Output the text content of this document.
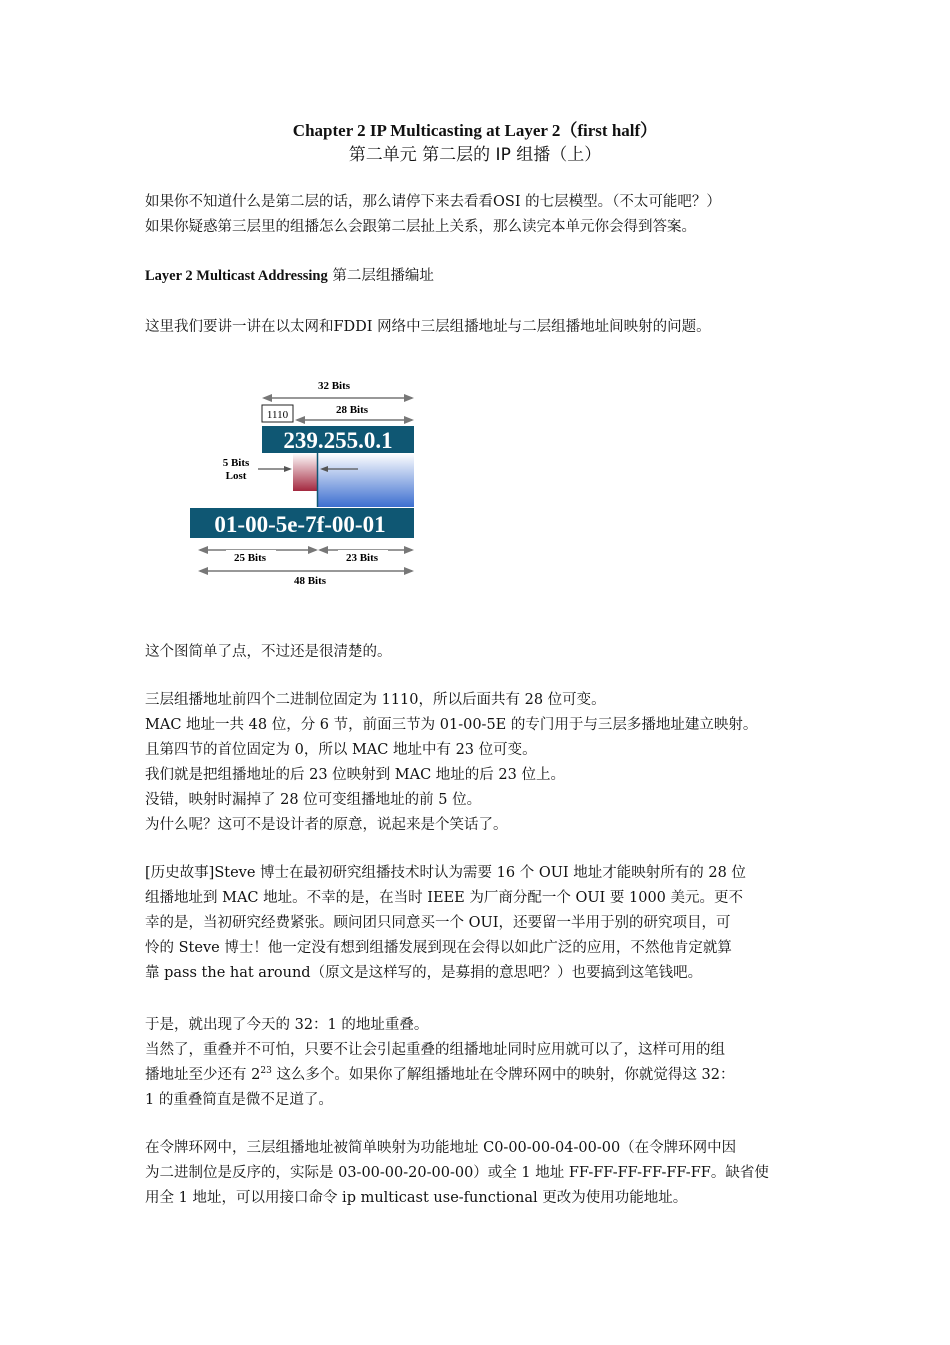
Chapter 2 IP Multicasting at Layer 2（first half）
第二单元 第二层的 IP 组播（上）

如果你不知道什么是第二层的话，那么请停下来去看看OSI 的七层模型。（不太可能吧？）
如果你疑惑第三层里的组播怎么会跟第二层扯上关系，那么读完本单元你会得到答案。

Layer 2 Multicast Addressing 第二层组播编址

这里我们要讲一讲在以太网和FDDI 网络中三层组播地址与二层组播地址间映射的问题。

32 Bits
1110	28 Bits
239.255.0.1
5 Bits
Lost
01-00-5e-7f-00-01
25 Bits	23 Bits
48 Bits

这个图简单了点，不过还是很清楚的。

三层组播地址前四个二进制位固定为 1110，所以后面共有 28 位可变。
MAC 地址一共 48 位，分 6 节，前面三节为 01-00-5E 的专门用于与三层多播地址建立映射。
且第四节的首位固定为 0，所以 MAC 地址中有 23 位可变。
我们就是把组播地址的后 23 位映射到 MAC 地址的后 23 位上。
没错，映射时漏掉了 28 位可变组播地址的前 5 位。
为什么呢？这可不是设计者的原意，说起来是个笑话了。

[历史故事]Steve 博士在最初研究组播技术时认为需要 16 个 OUI 地址才能映射所有的 28 位
组播地址到 MAC 地址。不幸的是，在当时 IEEE 为厂商分配一个 OUI 要 1000 美元。更不
幸的是，当初研究经费紧张。顾问团只同意买一个 OUI，还要留一半用于别的研究项目，可
怜的 Steve 博士！他一定没有想到组播发展到现在会得以如此广泛的应用，不然他肯定就算
靠 pass the hat around（原文是这样写的，是募捐的意思吧？）也要搞到这笔钱吧。

于是，就出现了今天的 32：1 的地址重叠。
当然了，重叠并不可怕，只要不让会引起重叠的组播地址同时应用就可以了，这样可用的组
播地址至少还有 $2^{23}$ 这么多个。如果你了解组播地址在令牌环网中的映射，你就觉得这 32：
1 的重叠简直是微不足道了。

在令牌环网中，三层组播地址被简单映射为功能地址 C0-00-00-04-00-00（在令牌环网中因
为二进制位是反序的，实际是 03-00-00-20-00-00）或全 1 地址 FF-FF-FF-FF-FF-FF。缺省使
用全 1 地址，可以用接口命令 ip multicast use-functional 更改为使用功能地址。
